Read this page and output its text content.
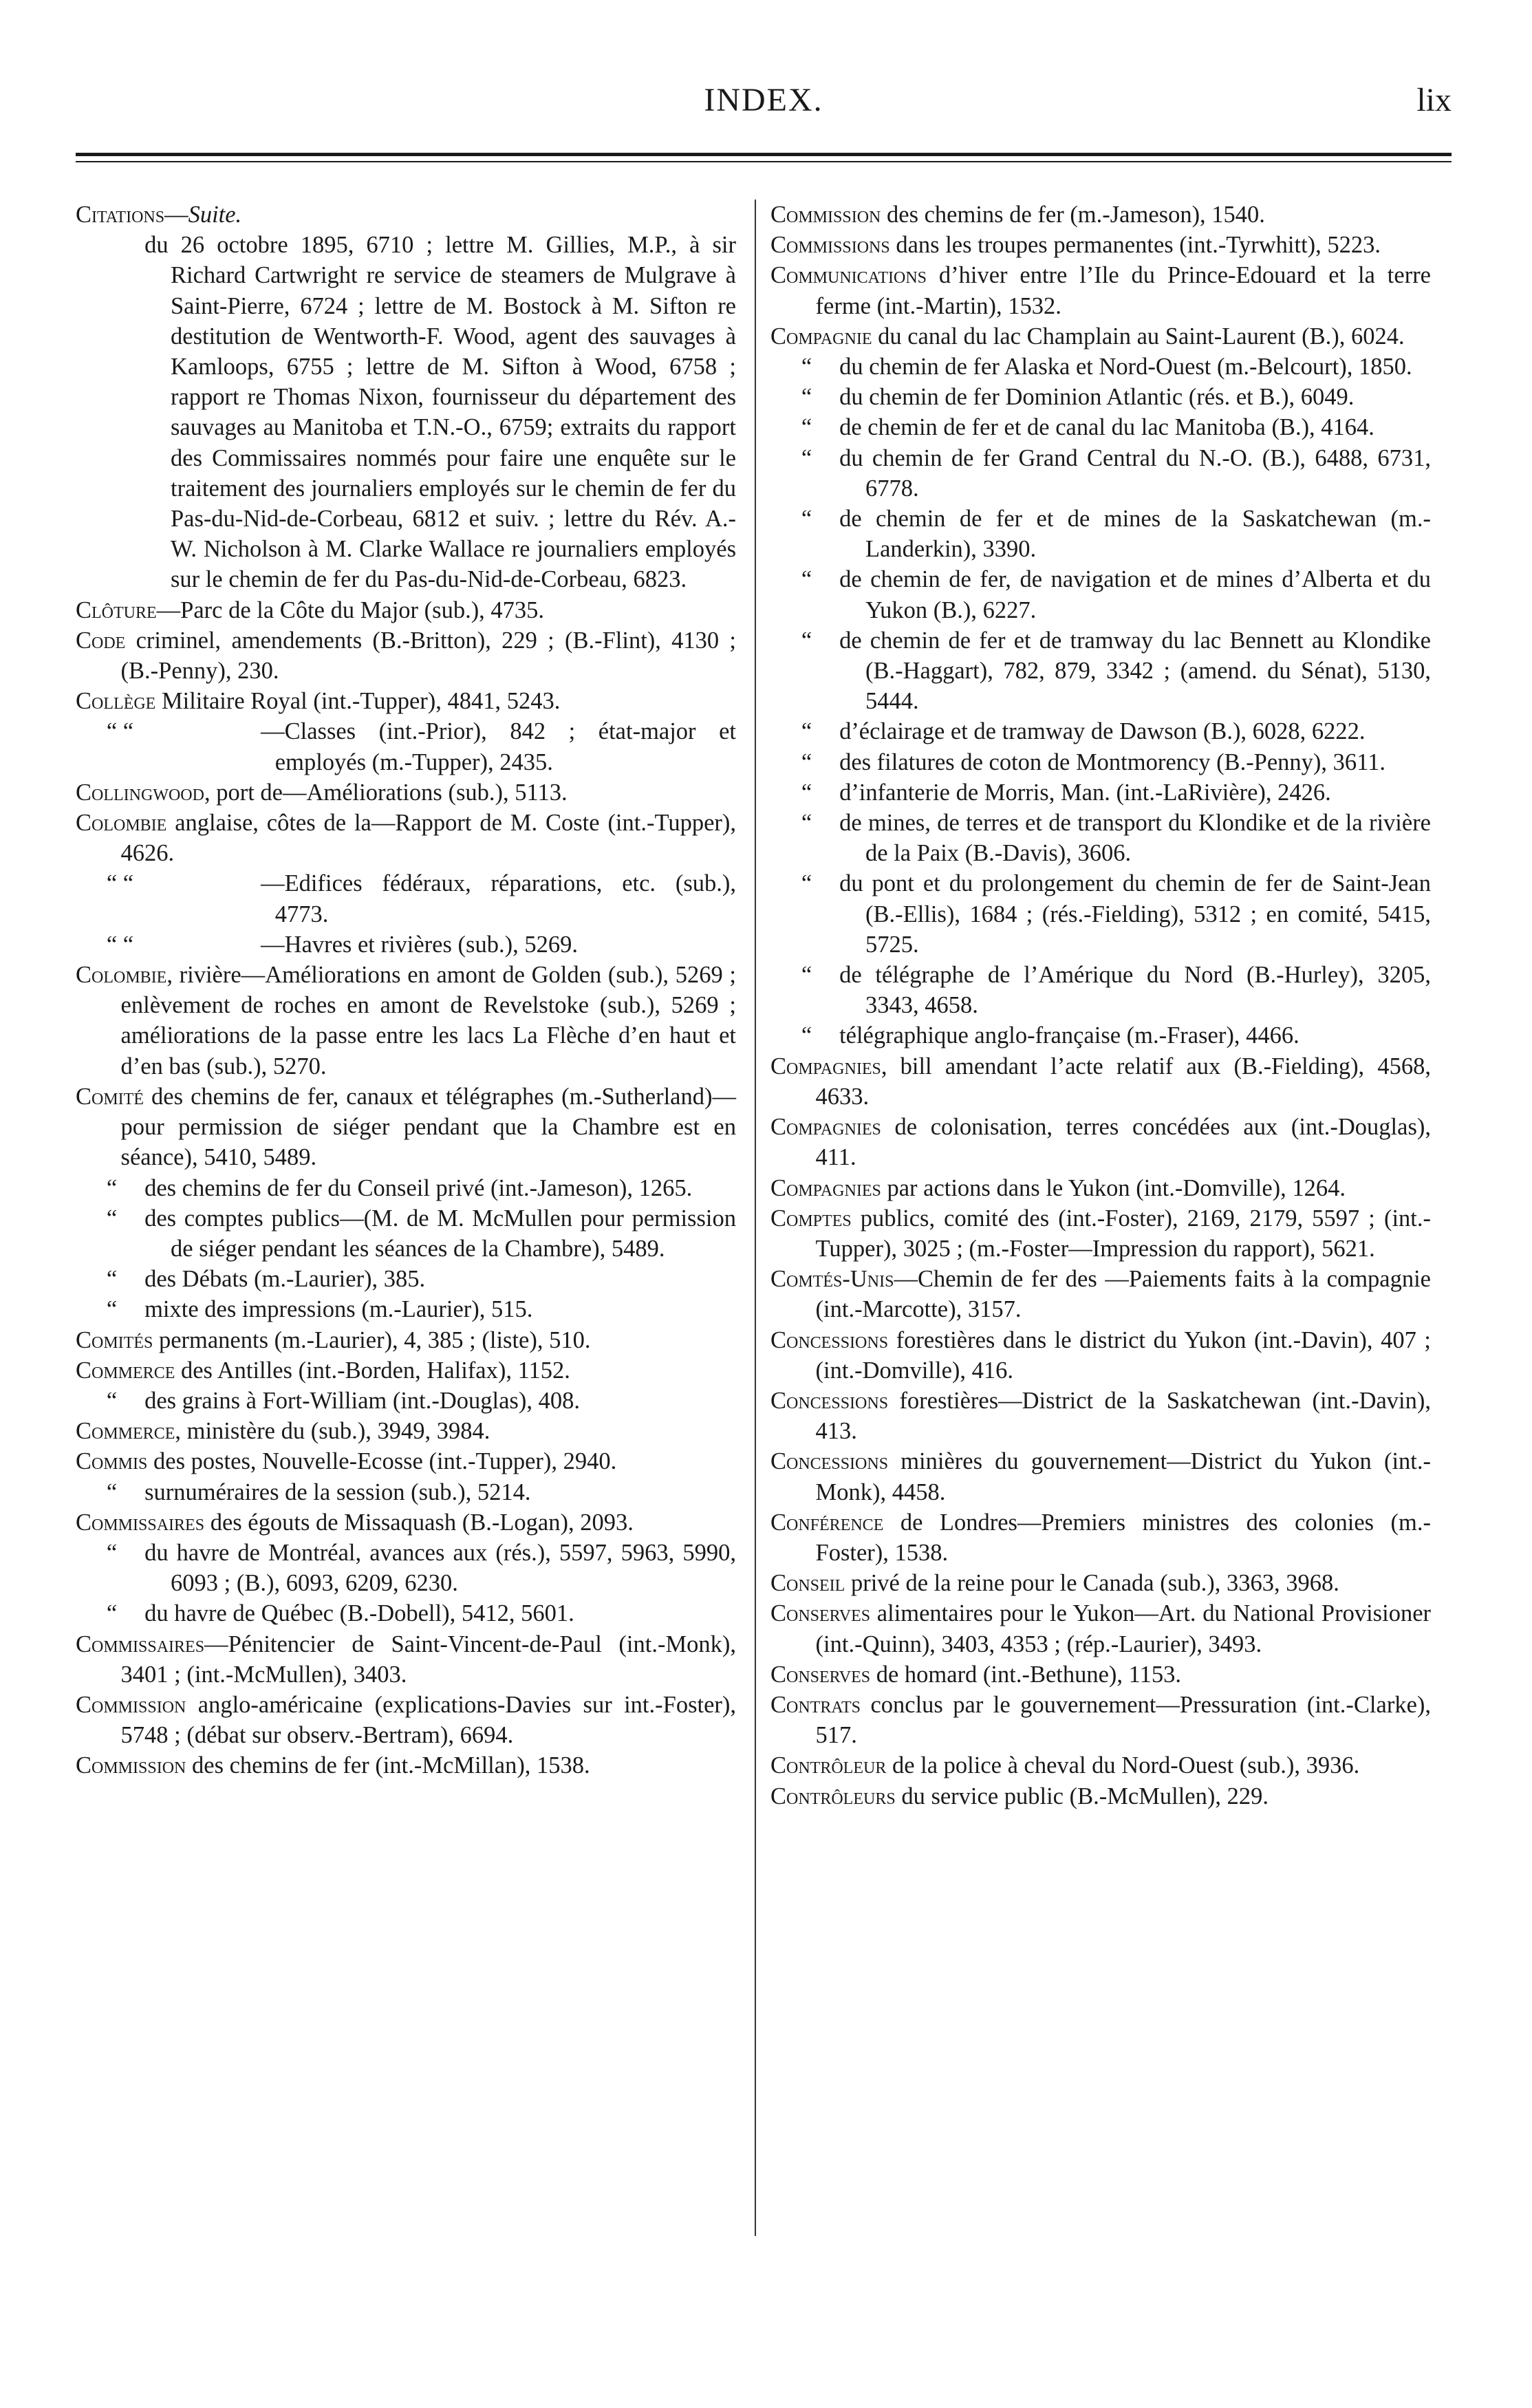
INDEX.	lix

Citations—Suite.

du 26 octobre 1895, 6710 ; lettre M. Gillies, M.P., à sir Richard Cartwright re service de steamers de Mulgrave à Saint-Pierre, 6724 ; lettre de M. Bostock à M. Sifton re destitution de Wentworth-F. Wood, agent des sauvages à Kamloops, 6755 ; lettre de M. Sifton à Wood, 6758 ; rapport re Thomas Nixon, fournisseur du département des sauvages au Manitoba et T.N.-O., 6759; extraits du rapport des Commissaires nommés pour faire une enquête sur le traitement des journaliers employés sur le chemin de fer du Pas-du-Nid-de-Corbeau, 6812 et suiv. ; lettre du Rév. A.-W. Nicholson à M. Clarke Wallace re journaliers employés sur le chemin de fer du Pas-du-Nid-de-Corbeau, 6823.

Clôture—Parc de la Côte du Major (sub.), 4735.

Code criminel, amendements (B.-Britton), 229 ; (B.-Flint), 4130 ; (B.-Penny), 230.

Collège Militaire Royal (int.-Tupper), 4841, 5243.

“ “	—Classes (int.-Prior), 842 ; état-major et employés (m.-Tupper), 2435.

Collingwood, port de—Améliorations (sub.), 5113.

Colombie anglaise, côtes de la—Rapport de M. Coste (int.-Tupper), 4626.

“ “	—Edifices fédéraux, réparations, etc. (sub.), 4773.

“ “	—Havres et rivières (sub.), 5269.

Colombie, rivière—Améliorations en amont de Golden (sub.), 5269 ; enlèvement de roches en amont de Revelstoke (sub.), 5269 ; améliorations de la passe entre les lacs La Flèche d’en haut et d’en bas (sub.), 5270.

Comité des chemins de fer, canaux et télégraphes (m.-Sutherland)—pour permission de siéger pendant que la Chambre est en séance), 5410, 5489.

“ des chemins de fer du Conseil privé (int.-Jameson), 1265.

“ des comptes publics—(M. de M. McMullen pour permission de siéger pendant les séances de la Chambre), 5489.

“ des Débats (m.-Laurier), 385.

“ mixte des impressions (m.-Laurier), 515.

Comités permanents (m.-Laurier), 4, 385 ; (liste), 510.

Commerce des Antilles (int.-Borden, Halifax), 1152.

“ des grains à Fort-William (int.-Douglas), 408.

Commerce, ministère du (sub.), 3949, 3984.

Commis des postes, Nouvelle-Ecosse (int.-Tupper), 2940.

“ surnuméraires de la session (sub.), 5214.

Commissaires des égouts de Missaquash (B.-Logan), 2093.

“ du havre de Montréal, avances aux (rés.), 5597, 5963, 5990, 6093 ; (B.), 6093, 6209, 6230.

“ du havre de Québec (B.-Dobell), 5412, 5601.

Commissaires—Pénitencier de Saint-Vincent-de-Paul (int.-Monk), 3401 ; (int.-McMullen), 3403.

Commission anglo-américaine (explications-Davies sur int.-Foster), 5748 ; (débat sur observ.-Bertram), 6694.

Commission des chemins de fer (int.-McMillan), 1538.

Commission des chemins de fer (m.-Jameson), 1540.

Commissions dans les troupes permanentes (int.-Tyrwhitt), 5223.

Communications d’hiver entre l’Ile du Prince-Edouard et la terre ferme (int.-Martin), 1532.

Compagnie du canal du lac Champlain au Saint-Laurent (B.), 6024.

“ du chemin de fer Alaska et Nord-Ouest (m.-Belcourt), 1850.

“ du chemin de fer Dominion Atlantic (rés. et B.), 6049.

“ de chemin de fer et de canal du lac Manitoba (B.), 4164.

“ du chemin de fer Grand Central du N.-O. (B.), 6488, 6731, 6778.

“ de chemin de fer et de mines de la Saskatchewan (m.-Landerkin), 3390.

“ de chemin de fer, de navigation et de mines d’Alberta et du Yukon (B.), 6227.

“ de chemin de fer et de tramway du lac Bennett au Klondike (B.-Haggart), 782, 879, 3342 ; (amend. du Sénat), 5130, 5444.

“ d’éclairage et de tramway de Dawson (B.), 6028, 6222.

“ des filatures de coton de Montmorency (B.-Penny), 3611.

“ d’infanterie de Morris, Man. (int.-LaRivière), 2426.

“ de mines, de terres et de transport du Klondike et de la rivière de la Paix (B.-Davis), 3606.

“ du pont et du prolongement du chemin de fer de Saint-Jean (B.-Ellis), 1684 ; (rés.-Fielding), 5312 ; en comité, 5415, 5725.

“ de télégraphe de l’Amérique du Nord (B.-Hurley), 3205, 3343, 4658.

“ télégraphique anglo-française (m.-Fraser), 4466.

Compagnies, bill amendant l’acte relatif aux (B.-Fielding), 4568, 4633.

Compagnies de colonisation, terres concédées aux (int.-Douglas), 411.

Compagnies par actions dans le Yukon (int.-Domville), 1264.

Comptes publics, comité des (int.-Foster), 2169, 2179, 5597 ; (int.-Tupper), 3025 ; (m.-Foster—Impression du rapport), 5621.

Comtés-Unis—Chemin de fer des —Paiements faits à la compagnie (int.-Marcotte), 3157.

Concessions forestières dans le district du Yukon (int.-Davin), 407 ; (int.-Domville), 416.

Concessions forestières—District de la Saskatchewan (int.-Davin), 413.

Concessions minières du gouvernement—District du Yukon (int.-Monk), 4458.

Conférence de Londres—Premiers ministres des colonies (m.-Foster), 1538.

Conseil privé de la reine pour le Canada (sub.), 3363, 3968.

Conserves alimentaires pour le Yukon—Art. du National Provisioner (int.-Quinn), 3403, 4353 ; (rép.-Laurier), 3493.

Conserves de homard (int.-Bethune), 1153.

Contrats conclus par le gouvernement—Pressuration (int.-Clarke), 517.

Contrôleur de la police à cheval du Nord-Ouest (sub.), 3936.

Contrôleurs du service public (B.-McMullen), 229.
